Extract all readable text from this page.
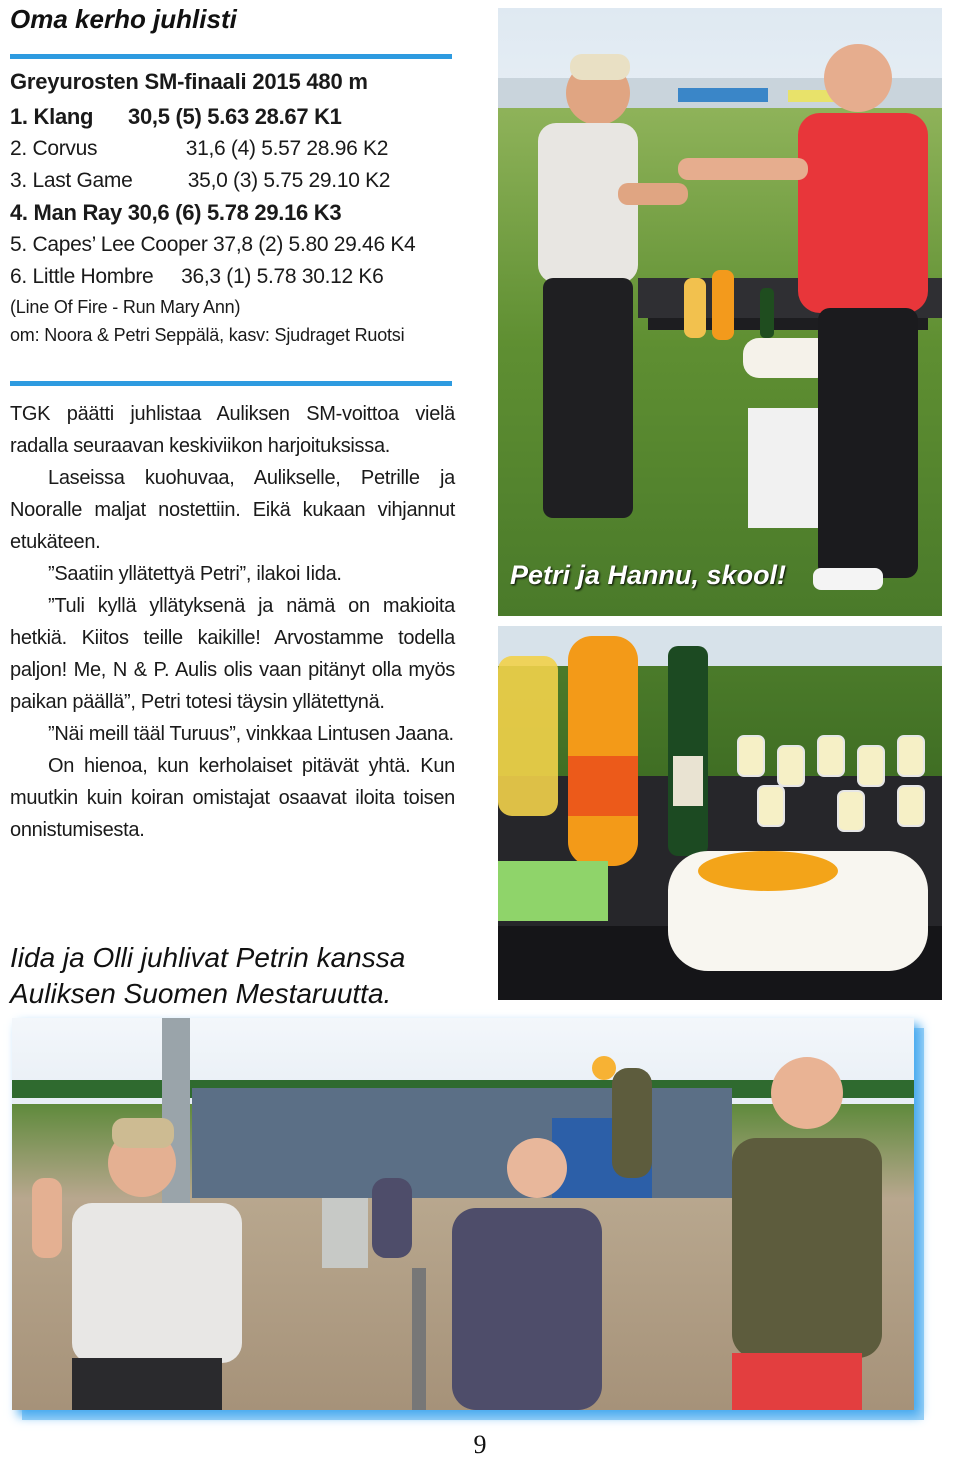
Oma kerho juhlisti
Greyurosten SM-finaali 2015 480 m
1. Klang      30,5 (5) 5.63 28.67 K1
2. Corvus                31,6 (4) 5.57 28.96 K2
3. Last Game          35,0 (3) 5.75 29.10 K2
4. Man Ray 30,6 (6) 5.78 29.16 K3
5. Capes’ Lee Cooper 37,8 (2) 5.80 29.46 K4
6. Little Hombre     36,3 (1) 5.78 30.12 K6
(Line Of Fire - Run Mary Ann)
om: Noora & Petri Seppälä, kasv: Sjudraget Ruotsi

TGK päätti juhlistaa Auliksen SM-voittoa vielä radalla seuraavan keskiviikon harjoituksissa.

Laseissa kuohuvaa, Aulikselle, Petrille ja Nooralle maljat nostettiin. Eikä kukaan vihjannut etukäteen.

”Saatiin yllätettyä Petri”, ilakoi Iida.

”Tuli kyllä yllätyksenä ja nämä on makioita hetkiä. Kiitos teille kaikille! Arvostamme todella paljon! Me, N & P. Aulis olis vaan pitänyt olla myös paikan päällä”, Petri totesi täysin yllätettynä.

”Näi meill tääl Turuus”, vinkkaa Lintusen Jaana.

On hienoa, kun kerholaiset pitävät yhtä. Kun muutkin kuin koiran omistajat osaavat iloita toisen onnistumisesta.

Iida ja Olli juhlivat Petrin kanssa Auliksen Suomen Mestaruutta.
Petri ja Hannu, skool!
9
